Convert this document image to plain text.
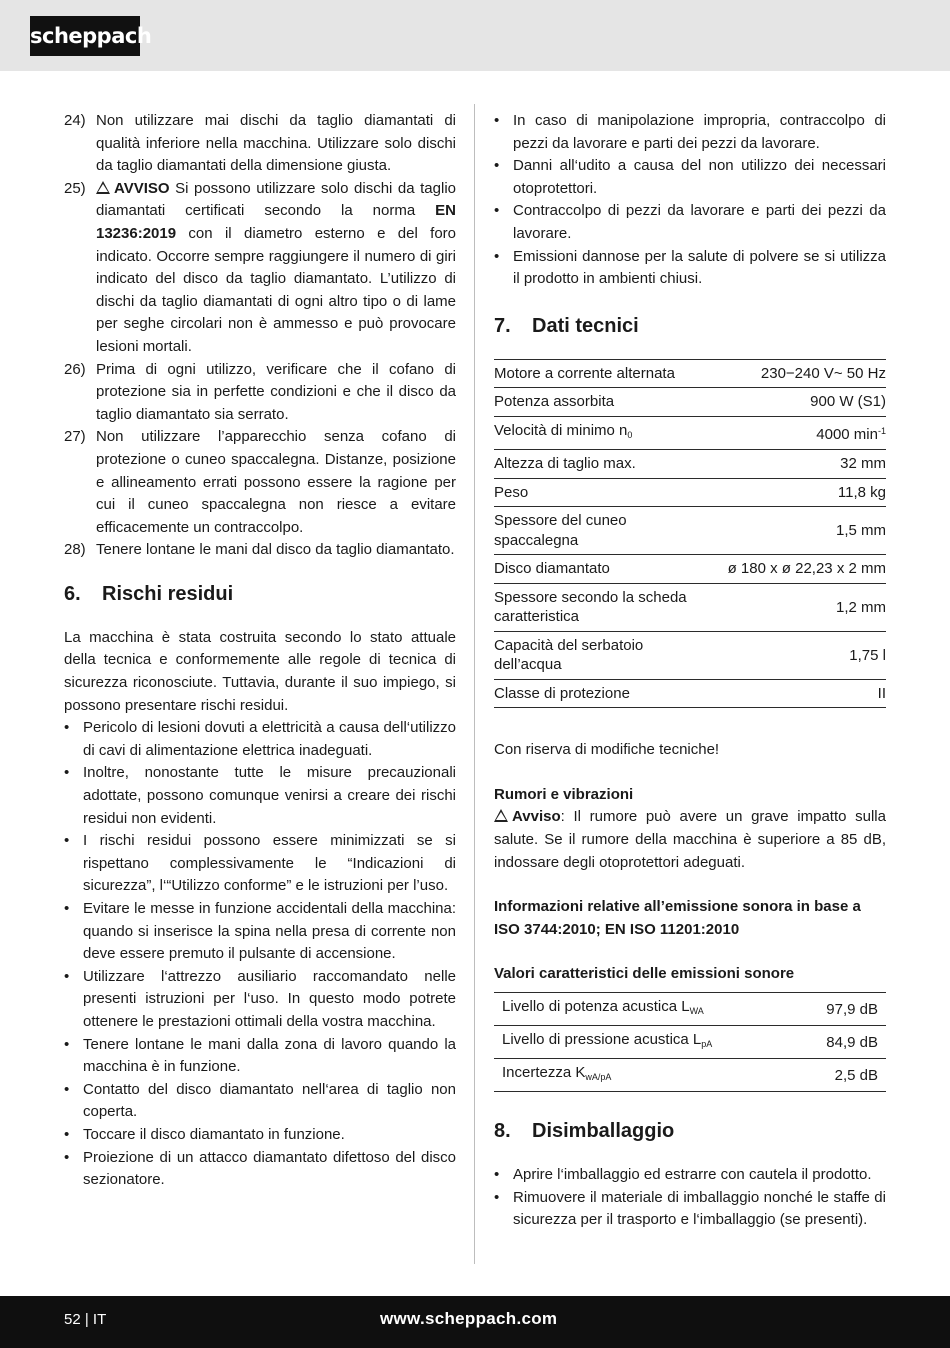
scheppach
24) Non utilizzare mai dischi da taglio diamantati di qualità inferiore nella macchina. Utilizzare solo dischi da taglio diamantati della dimensione giusta.
25)	AVVISO Si possono utilizzare solo dischi da taglio diamantati certificati secondo la norma EN 13236:2019 con il diametro esterno e del foro indicato. Occorre sempre raggiungere il numero di giri indicato del disco da taglio diamantato. L’utilizzo di dischi da taglio diamantati di ogni altro tipo o di lame per seghe circolari non è ammesso e può provocare lesioni mortali.
26) Prima di ogni utilizzo, verificare che il cofano di protezione sia in perfette condizioni e che il disco da taglio diamantato sia serrato.
27) Non utilizzare l’apparecchio senza cofano di protezione o cuneo spaccalegna. Distanze, posizione e allineamento errati possono essere la ragione per cui il cuneo spaccalegna non riesce a evitare efficacemente un contraccolpo.
28) Tenere lontane le mani dal disco da taglio diamantato.
6.	Rischi residui
La macchina è stata costruita secondo lo stato attuale della tecnica e conformemente alle regole di tecnica di sicurezza riconosciute. Tuttavia, durante il suo impiego, si possono presentare rischi residui.
• Pericolo di lesioni dovuti a elettricità a causa dell‘utilizzo di cavi di alimentazione elettrica inadeguati.
• Inoltre, nonostante tutte le misure precauzionali adottate, possono comunque venirsi a creare dei rischi residui non evidenti.
• I rischi residui possono essere minimizzati se si rispettano complessivamente le “Indicazioni di sicurezza”, l‘“Utilizzo conforme” e le istruzioni per l’uso.
• Evitare le messe in funzione accidentali della macchina: quando si inserisce la spina nella presa di corrente non deve essere premuto il pulsante di accensione.
• Utilizzare l‘attrezzo ausiliario raccomandato nelle presenti istruzioni per l‘uso. In questo modo potrete ottenere le prestazioni ottimali della vostra macchina.
• Tenere lontane le mani dalla zona di lavoro quando la macchina è in funzione.
• Contatto del disco diamantato nell‘area di taglio non coperta.
• Toccare il disco diamantato in funzione.
• Proiezione di un attacco diamantato difettoso del disco sezionatore.
• In caso di manipolazione impropria, contraccolpo di pezzi da lavorare e parti dei pezzi da lavorare.
• Danni all‘udito a causa del non utilizzo dei necessari otoprotettori.
• Contraccolpo di pezzi da lavorare e parti dei pezzi da lavorare.
• Emissioni dannose per la salute di polvere se si utilizza il prodotto in ambienti chiusi.
7.	Dati tecnici
Motore a corrente alternata	230−240 V~ 50 Hz
Potenza assorbita	900 W (S1)
Velocità di minimo $n_0$	4000 $\min^{-1}$
Altezza di taglio max.	32 mm
Peso	11,8 kg
Spessore del cuneo spaccalegna	1,5 mm
Disco diamantato	ø 180 x ø 22,23 x 2 mm
Spessore secondo la scheda caratteristica	1,2 mm
Capacità del serbatoio dell’acqua	1,75 l
Classe di protezione	II
Con riserva di modifiche tecniche!
Rumori e vibrazioni
Avviso: Il rumore può avere un grave impatto sulla salute. Se il rumore della macchina è superiore a 85 dB, indossare degli otoprotettori adeguati.
Informazioni relative all’emissione sonora in base a ISO 3744:2010; EN ISO 11201:2010
Valori caratteristici delle emissioni sonore
Livello di potenza acustica $L_{WA}$	97,9 dB
Livello di pressione acustica $L_{pA}$	84,9 dB
Incertezza $K_{wA/pA}$	2,5 dB
8.	Disimballaggio
• Aprire l‘imballaggio ed estrarre con cautela il prodotto.
• Rimuovere il materiale di imballaggio nonché le staffe di sicurezza per il trasporto e l‘imballaggio (se presenti).
52 | IT	www.scheppach.com
